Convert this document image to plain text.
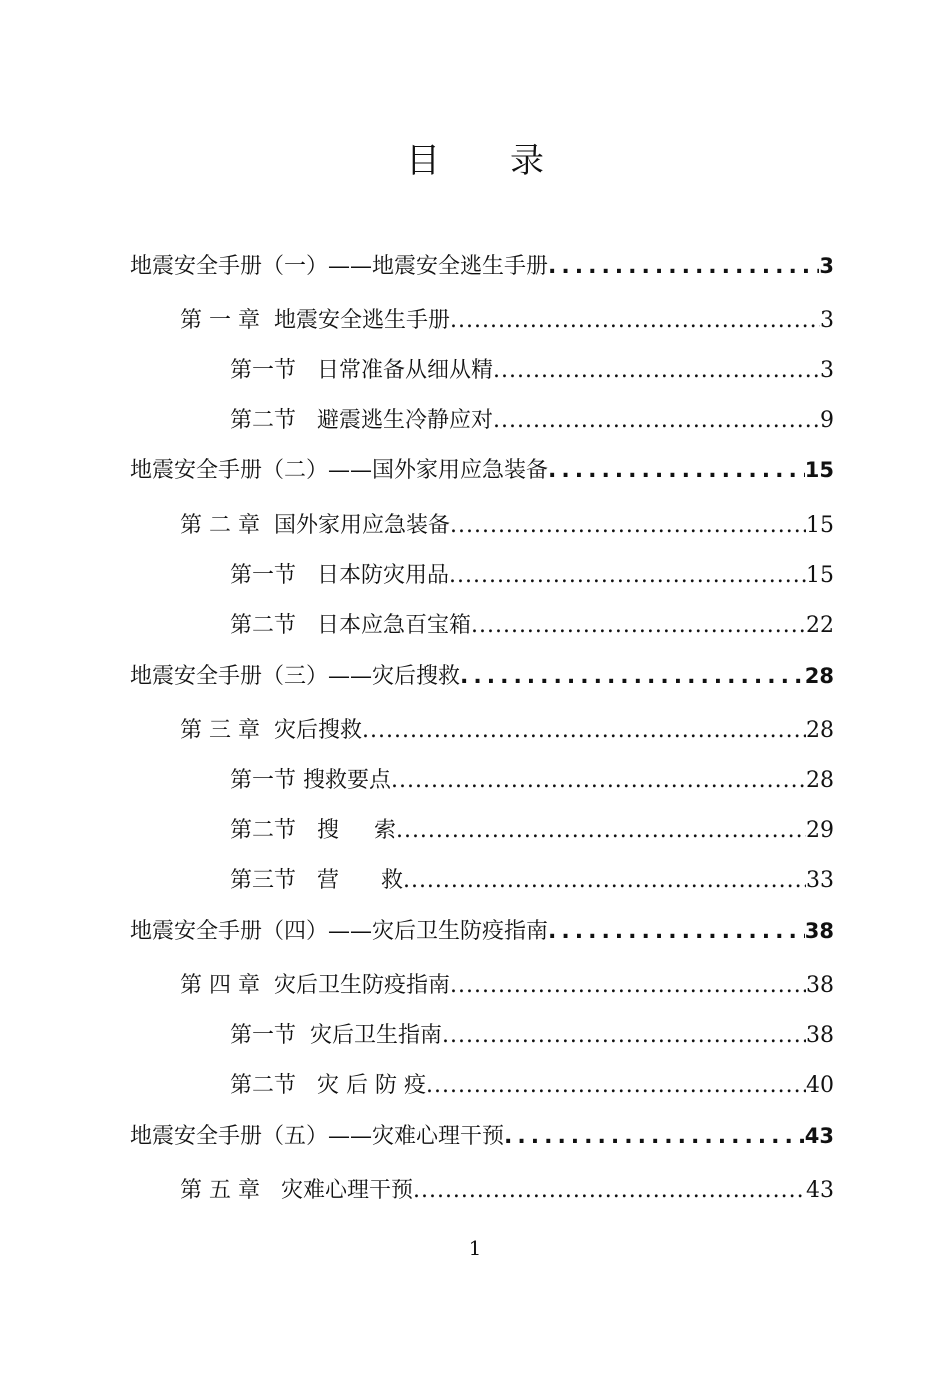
目录
地震安全手册（一）——地震安全逃生手册 .....	3
第 一 章  地震安全逃生手册 .....	3
第一节   日常准备从细从精 .....	3
第二节   避震逃生冷静应对 .....	9
地震安全手册（二）——国外家用应急装备 .....	15
第 二 章  国外家用应急装备 .....	15
第一节   日本防灾用品 .....	15
第二节   日本应急百宝箱 .....	22
地震安全手册（三）——灾后搜救 .....	28
第 三 章  灾后搜救 .....	28
第一节 搜救要点 .....	28
第二节   搜     索 .....	29
第三节   营      救 .....	33
地震安全手册（四）——灾后卫生防疫指南 .....	38
第 四 章  灾后卫生防疫指南 .....	38
第一节  灾后卫生指南 .....	38
第二节   灾 后 防 疫 .....	40
地震安全手册（五）——灾难心理干预 .....	43
第 五 章   灾难心理干预 .....	43
1
